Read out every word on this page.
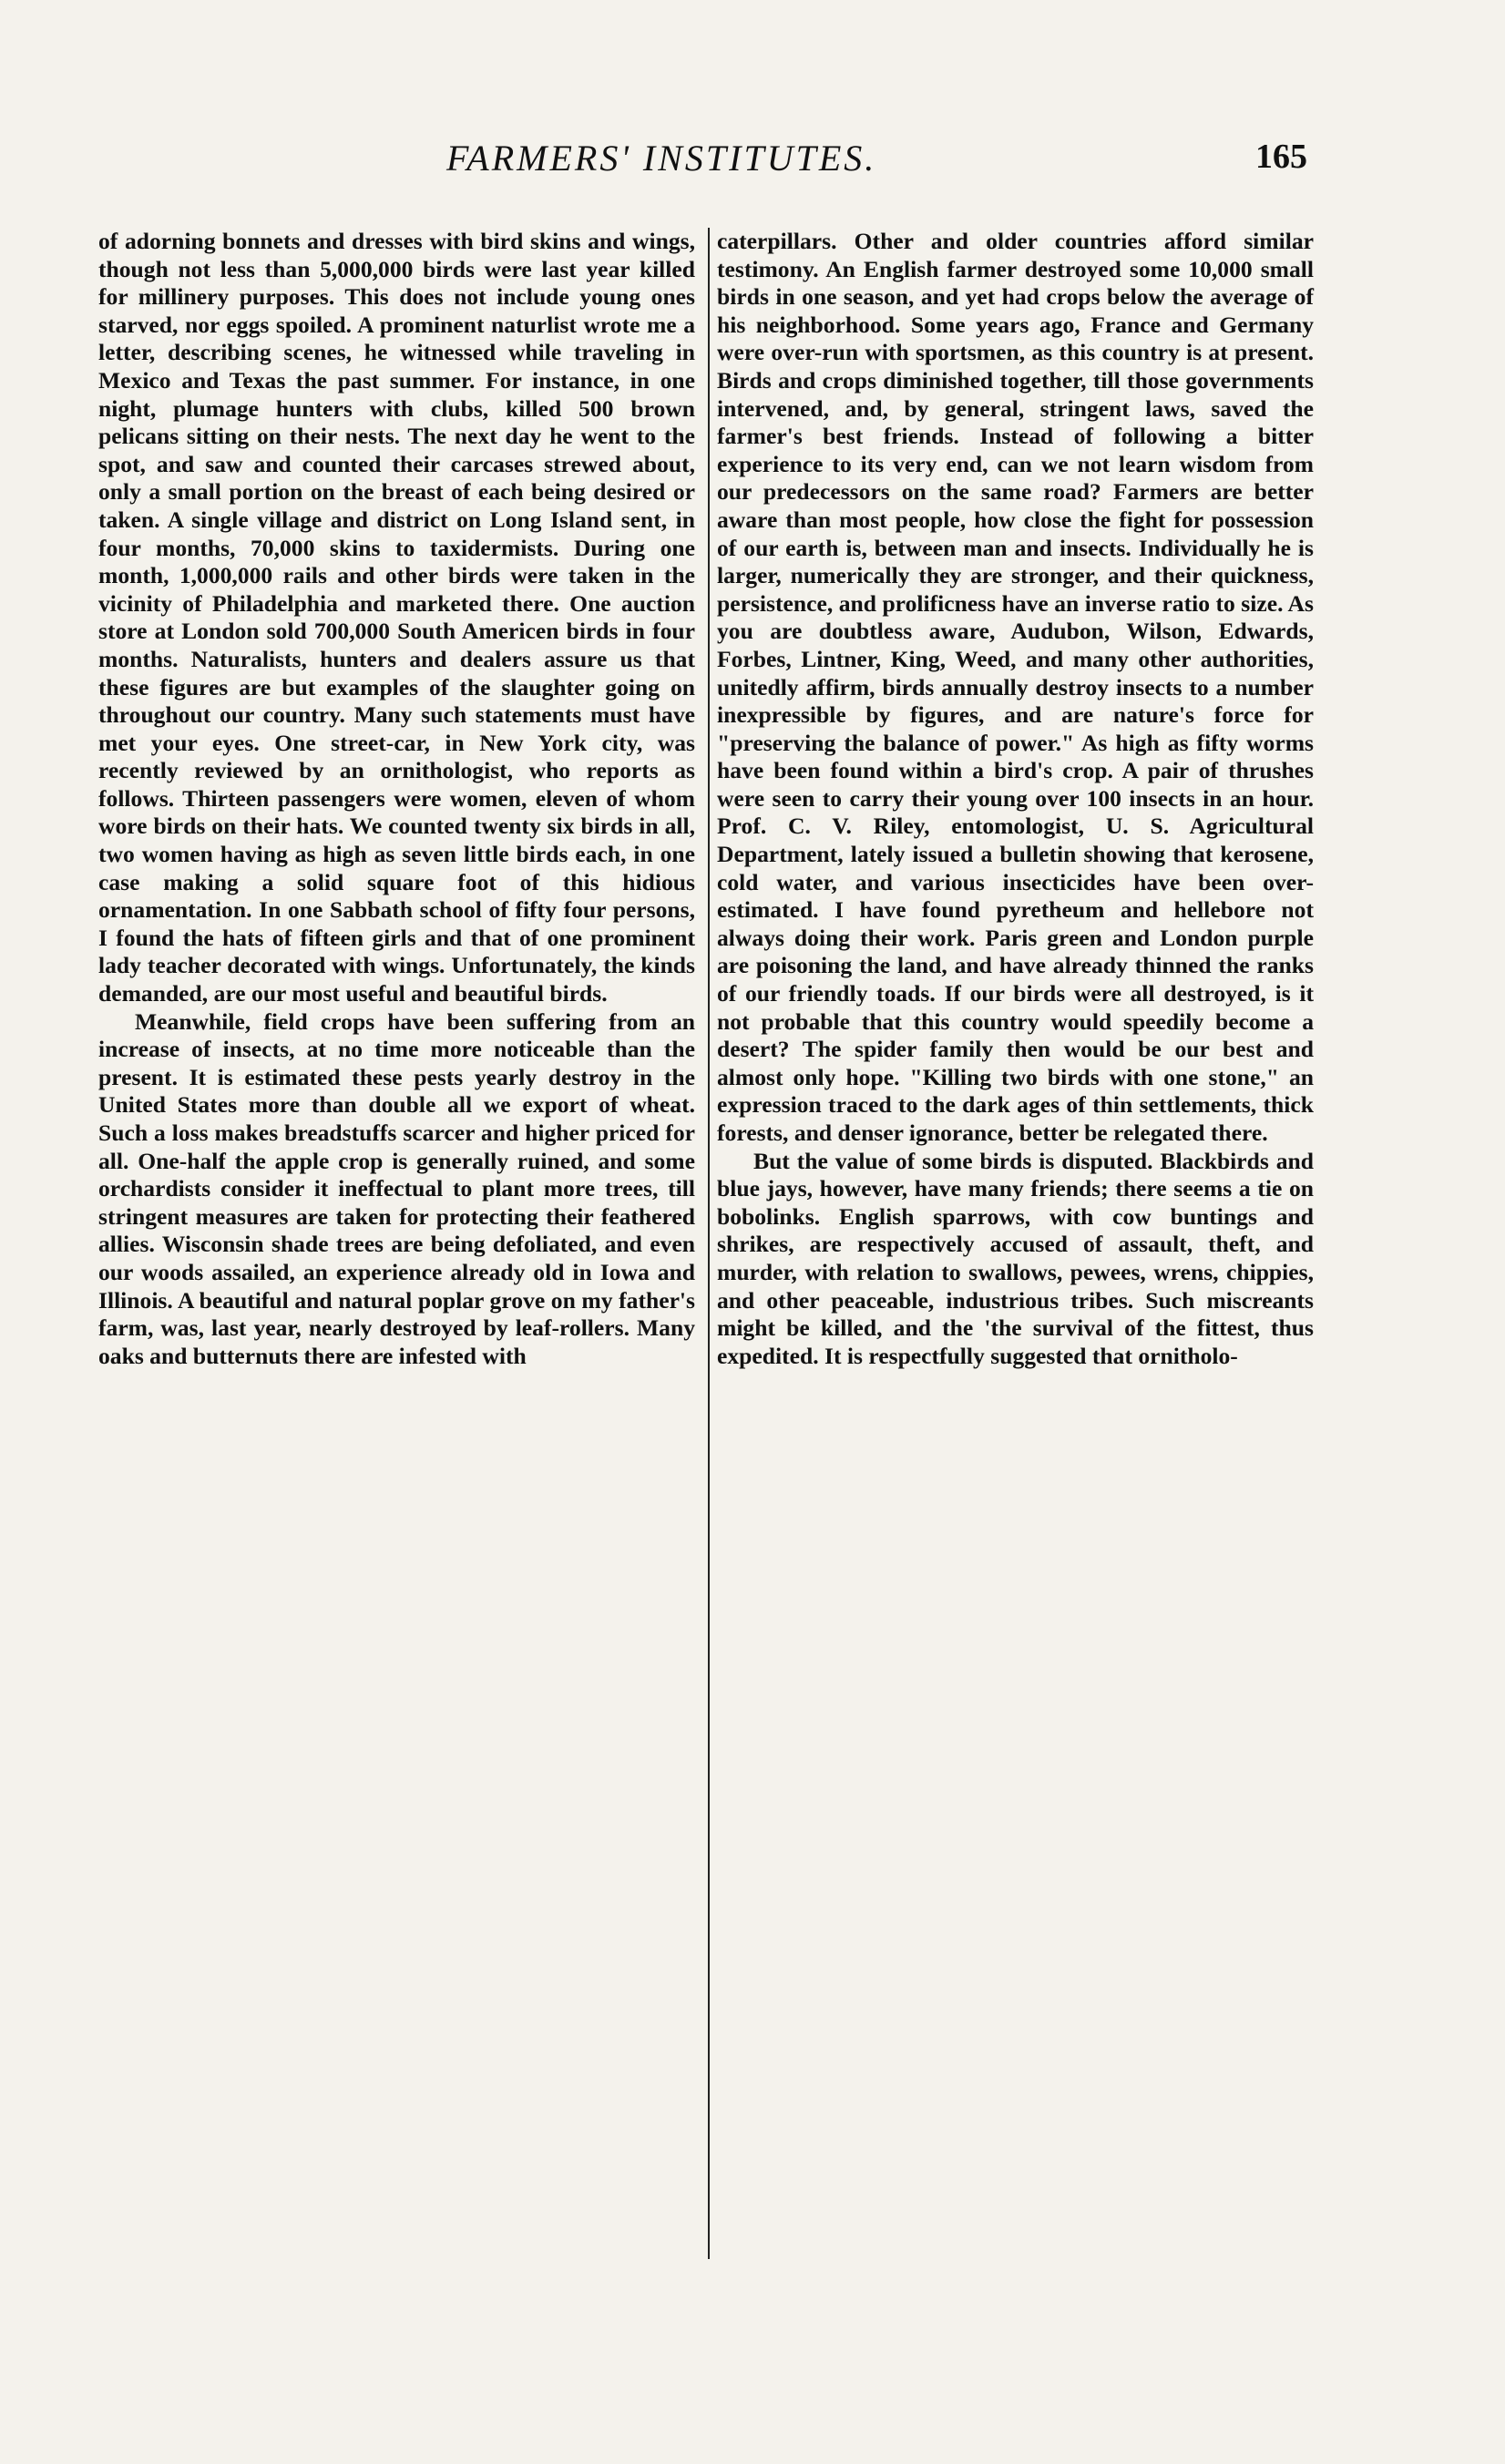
FARMERS' INSTITUTES.	165

of adorning bonnets and dresses with bird skins and wings, though not less than 5,000,000 birds were last year killed for millinery purposes. This does not include young ones starved, nor eggs spoiled. A prominent naturlist wrote me a letter, describing scenes, he witnessed while traveling in Mexico and Texas the past summer. For instance, in one night, plumage hunters with clubs, killed 500 brown pelicans sitting on their nests. The next day he went to the spot, and saw and counted their carcases strewed about, only a small portion on the breast of each being desired or taken. A single village and district on Long Island sent, in four months, 70,000 skins to taxidermists. During one month, 1,000,000 rails and other birds were taken in the vicinity of Philadelphia and marketed there. One auction store at London sold 700,000 South Americen birds in four months. Naturalists, hunters and dealers assure us that these figures are but examples of the slaughter going on throughout our country. Many such statements must have met your eyes. One street-car, in New York city, was recently reviewed by an ornithologist, who reports as follows. Thirteen passengers were women, eleven of whom wore birds on their hats. We counted twenty six birds in all, two women having as high as seven little birds each, in one case making a solid square foot of this hidious ornamentation. In one Sabbath school of fifty four persons, I found the hats of fifteen girls and that of one prominent lady teacher decorated with wings. Unfortunately, the kinds demanded, are our most useful and beautiful birds.

Meanwhile, field crops have been suffering from an increase of insects, at no time more noticeable than the present. It is estimated these pests yearly destroy in the United States more than double all we export of wheat. Such a loss makes breadstuffs scarcer and higher priced for all. One-half the apple crop is generally ruined, and some orchardists consider it ineffectual to plant more trees, till stringent measures are taken for protecting their feathered allies. Wisconsin shade trees are being defoliated, and even our woods assailed, an experience already old in Iowa and Illinois. A beautiful and natural poplar grove on my father's farm, was, last year, nearly destroyed by leaf-rollers. Many oaks and butternuts there are infested with

caterpillars. Other and older countries afford similar testimony. An English farmer destroyed some 10,000 small birds in one season, and yet had crops below the average of his neighborhood. Some years ago, France and Germany were over-run with sportsmen, as this country is at present. Birds and crops diminished together, till those governments intervened, and, by general, stringent laws, saved the farmer's best friends. Instead of following a bitter experience to its very end, can we not learn wisdom from our predecessors on the same road? Farmers are better aware than most people, how close the fight for possession of our earth is, between man and insects. Individually he is larger, numerically they are stronger, and their quickness, persistence, and prolificness have an inverse ratio to size. As you are doubtless aware, Audubon, Wilson, Edwards, Forbes, Lintner, King, Weed, and many other authorities, unitedly affirm, birds annually destroy insects to a number inexpressible by figures, and are nature's force for "preserving the balance of power." As high as fifty worms have been found within a bird's crop. A pair of thrushes were seen to carry their young over 100 insects in an hour. Prof. C. V. Riley, entomologist, U. S. Agricultural Department, lately issued a bulletin showing that kerosene, cold water, and various insecticides have been over-estimated. I have found pyretheum and hellebore not always doing their work. Paris green and London purple are poisoning the land, and have already thinned the ranks of our friendly toads. If our birds were all destroyed, is it not probable that this country would speedily become a desert? The spider family then would be our best and almost only hope. "Killing two birds with one stone," an expression traced to the dark ages of thin settlements, thick forests, and denser ignorance, better be relegated there.

But the value of some birds is disputed. Blackbirds and blue jays, however, have many friends; there seems a tie on bobolinks. English sparrows, with cow buntings and shrikes, are respectively accused of assault, theft, and murder, with relation to swallows, pewees, wrens, chippies, and other peaceable, industrious tribes. Such miscreants might be killed, and the 'the survival of the fittest, thus expedited. It is respectfully suggested that ornitholo-
